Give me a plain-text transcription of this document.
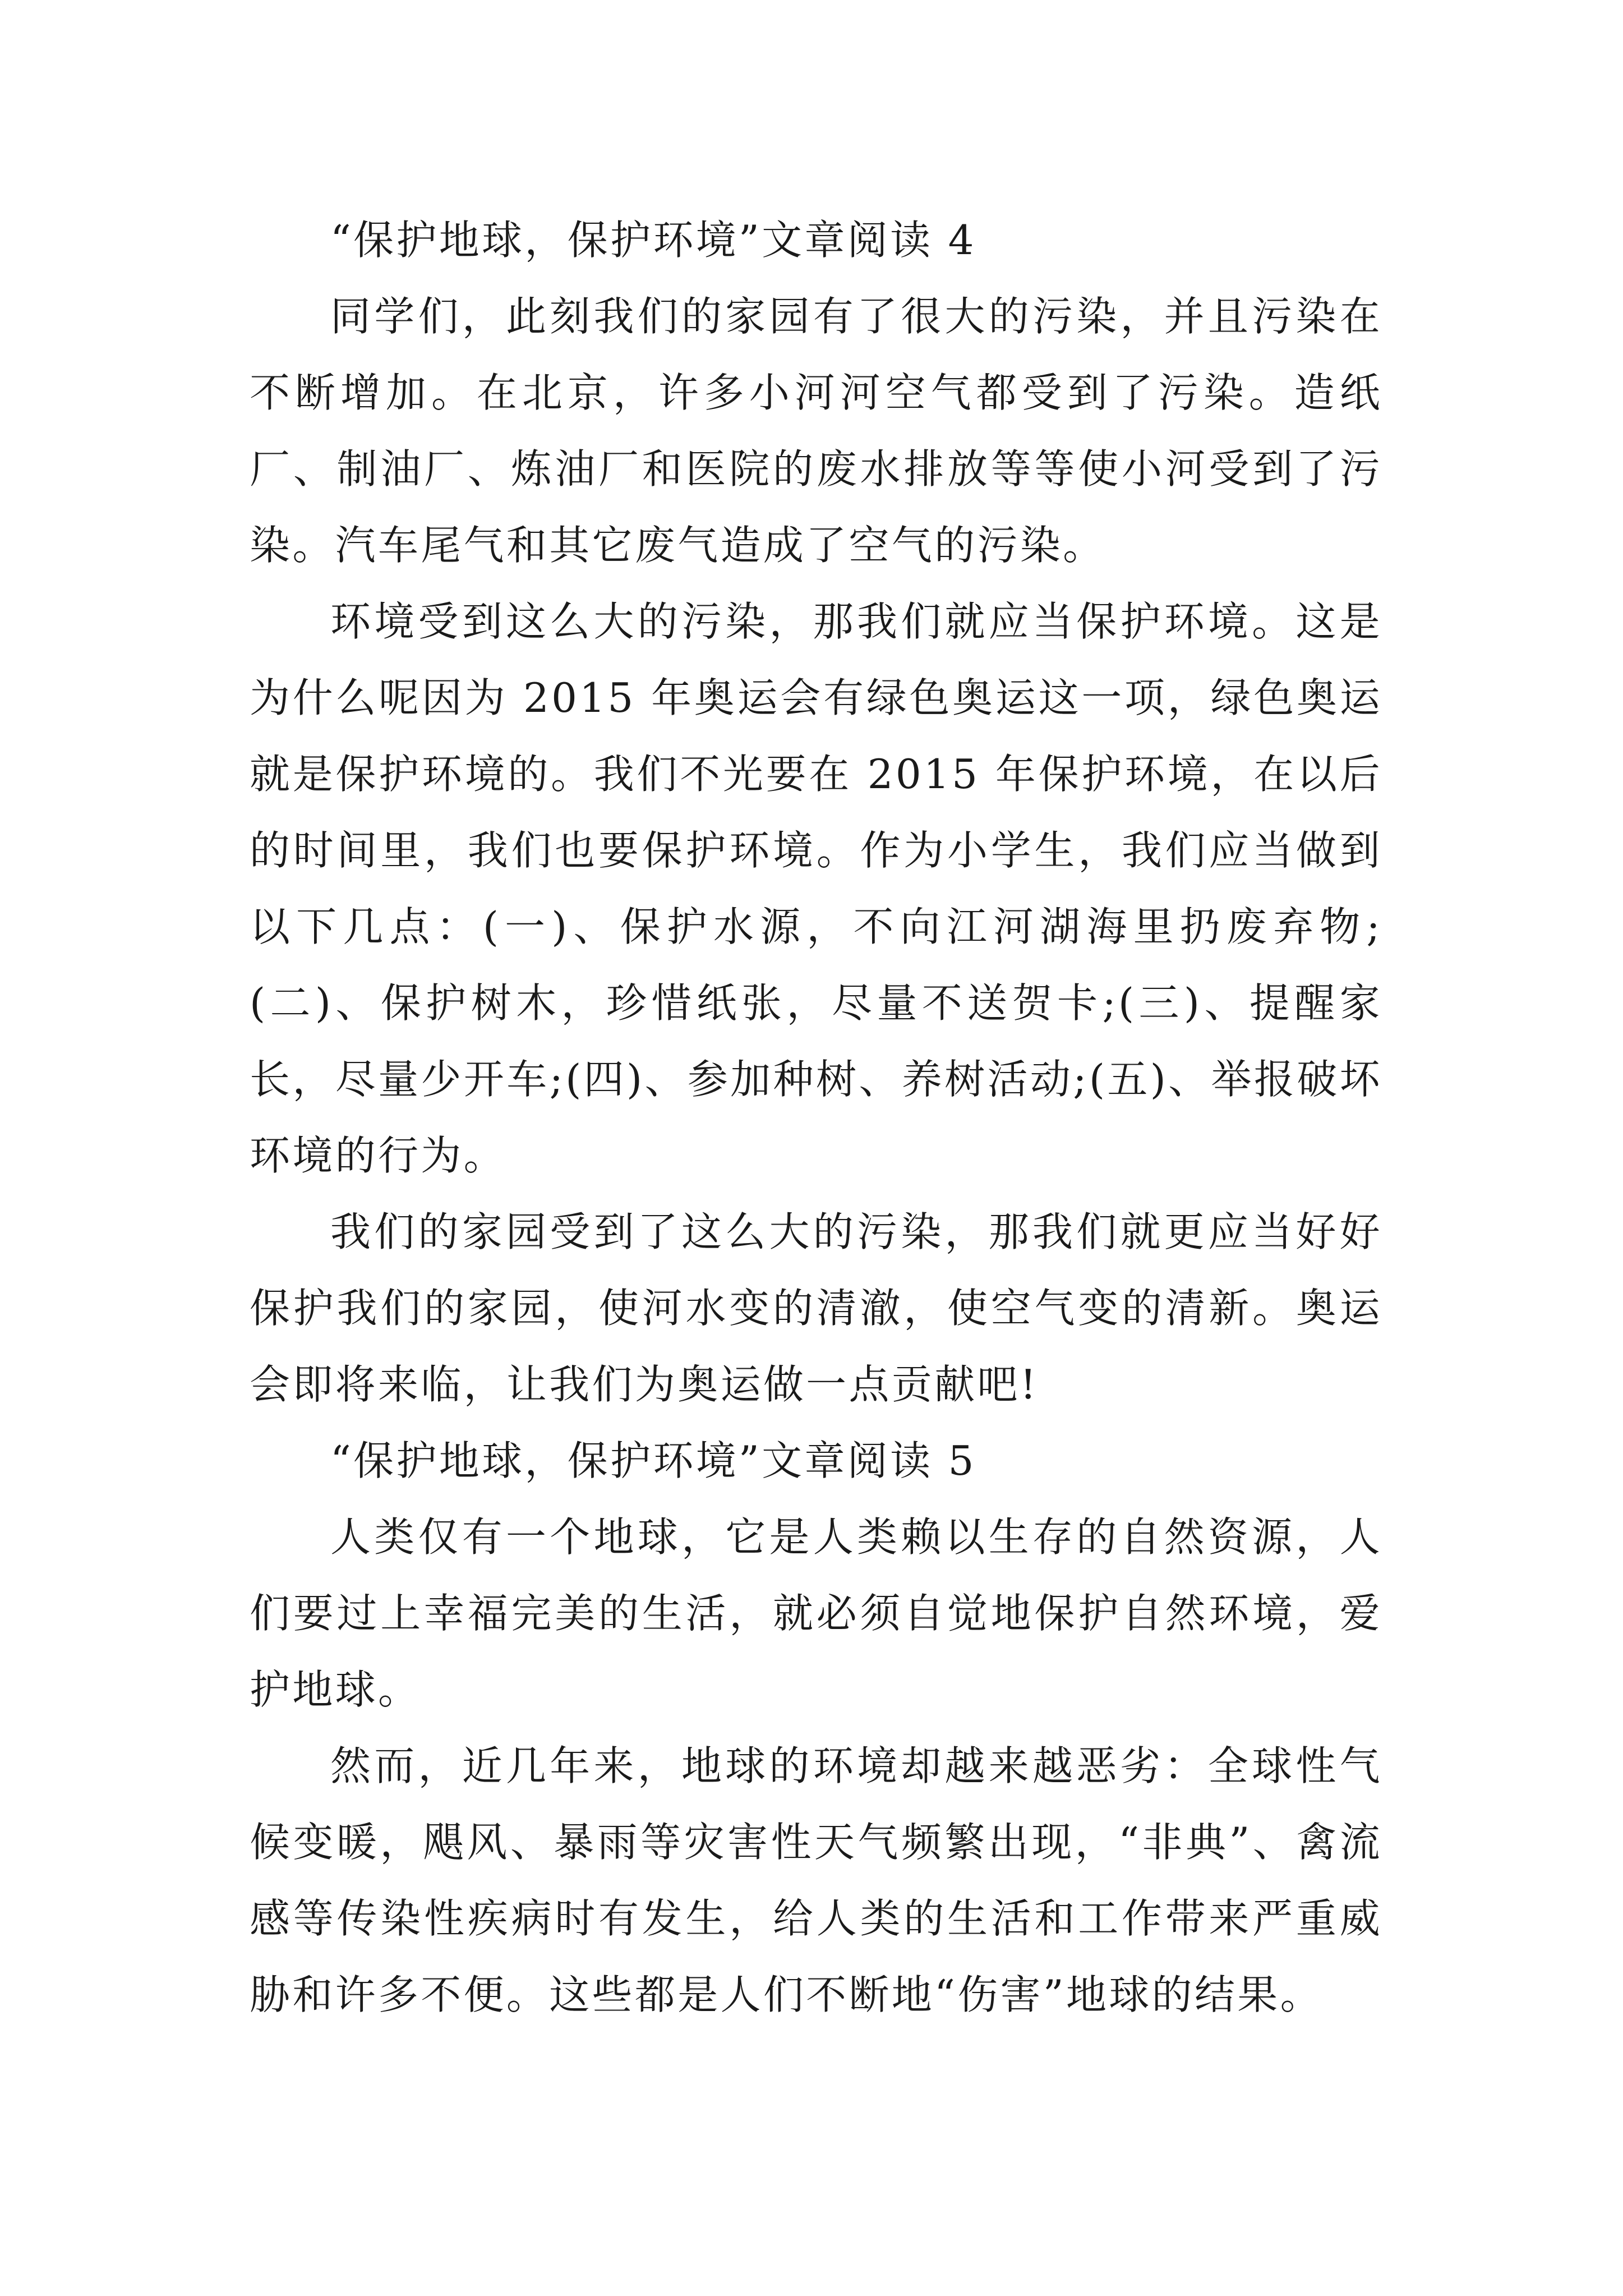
“保护地球，保护环境”文章阅读 4

同学们，此刻我们的家园有了很大的污染，并且污染在不断增加。在北京，许多小河河空气都受到了污染。造纸厂、制油厂、炼油厂和医院的废水排放等等使小河受到了污染。汽车尾气和其它废气造成了空气的污染。

环境受到这么大的污染，那我们就应当保护环境。这是为什么呢因为 2015 年奥运会有绿色奥运这一项，绿色奥运就是保护环境的。我们不光要在 2015 年保护环境，在以后的时间里，我们也要保护环境。作为小学生，我们应当做到以下几点：(一)、保护水源，不向江河湖海里扔废弃物;(二)、保护树木，珍惜纸张，尽量不送贺卡;(三)、提醒家长，尽量少开车;(四)、参加种树、养树活动;(五)、举报破坏环境的行为。

我们的家园受到了这么大的污染，那我们就更应当好好保护我们的家园，使河水变的清澈，使空气变的清新。奥运会即将来临，让我们为奥运做一点贡献吧!

“保护地球，保护环境”文章阅读 5

人类仅有一个地球，它是人类赖以生存的自然资源，人们要过上幸福完美的生活，就必须自觉地保护自然环境，爱护地球。

然而，近几年来，地球的环境却越来越恶劣：全球性气候变暖，飓风、暴雨等灾害性天气频繁出现，“非典”、禽流感等传染性疾病时有发生，给人类的生活和工作带来严重威胁和许多不便。这些都是人们不断地“伤害”地球的结果。
